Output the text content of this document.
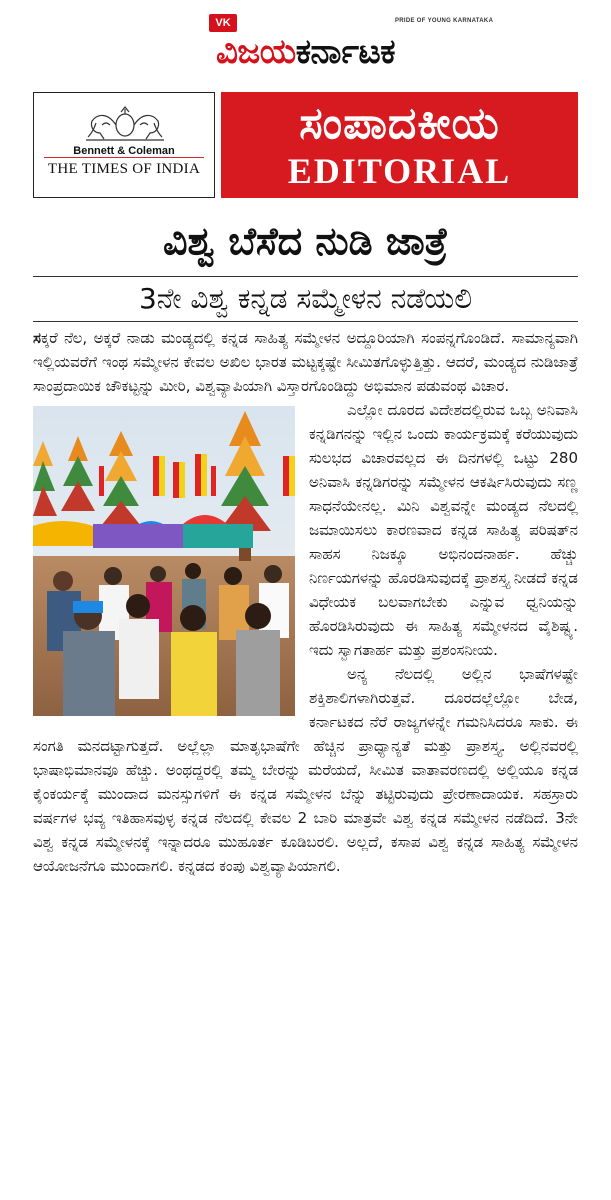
VK	PRIDE OF YOUNG KARNATAKA
ವಿಜಯಕರ್ನಾಟಕ
Bennett & Coleman
THE TIMES OF INDIA
ಸಂಪಾದಕೀಯ
EDITORIAL
ವಿಶ್ವ ಬೆಸೆದ ನುಡಿ ಜಾತ್ರೆ
3ನೇ ವಿಶ್ವ ಕನ್ನಡ ಸಮ್ಮೇಳನ ನಡೆಯಲಿ

ಸಕ್ಕರೆ ನೆಲ, ಅಕ್ಕರೆ ನಾಡು ಮಂಡ್ಯದಲ್ಲಿ ಕನ್ನಡ ಸಾಹಿತ್ಯ ಸಮ್ಮೇಳನ ಅದ್ದೂರಿಯಾಗಿ ಸಂಪನ್ನಗೊಂಡಿದೆ. ಸಾಮಾನ್ಯವಾಗಿ ಇಲ್ಲಿಯವರೆಗೆ ಇಂಥ ಸಮ್ಮೇಳನ ಕೇವಲ ಅಖಿಲ ಭಾರತ ಮಟ್ಟಕ್ಕಷ್ಟೇ ಸೀಮಿತಗೊಳ್ಳುತ್ತಿತ್ತು. ಆದರೆ, ಮಂಡ್ಯದ ನುಡಿಜಾತ್ರೆ ಸಾಂಪ್ರದಾಯಿಕ ಚೌಕಟ್ಟನ್ನು ಮೀರಿ, ವಿಶ್ವವ್ಯಾಪಿಯಾಗಿ ವಿಸ್ತಾರಗೊಂಡಿದ್ದು ಅಭಿಮಾನ ಪಡುವಂಥ ವಿಚಾರ.

ಎಲ್ಲೋ ದೂರದ ವಿದೇಶದಲ್ಲಿರುವ ಒಬ್ಬ ಅನಿವಾಸಿ ಕನ್ನಡಿಗನನ್ನು ಇಲ್ಲಿನ ಒಂದು ಕಾರ್ಯಕ್ರಮಕ್ಕೆ ಕರೆಯುವುದು ಸುಲಭದ ವಿಚಾರವಲ್ಲದ ಈ ದಿನಗಳಲ್ಲಿ ಒಟ್ಟು 280 ಅನಿವಾಸಿ ಕನ್ನಡಿಗರನ್ನು ಸಮ್ಮೇಳನ ಆಕರ್ಷಿಸಿರುವುದು ಸಣ್ಣ ಸಾಧನೆಯೇನಲ್ಲ. ಮಿನಿ ವಿಶ್ವವನ್ನೇ ಮಂಡ್ಯದ ನೆಲದಲ್ಲಿ ಜಮಾಯಿಸಲು ಕಾರಣವಾದ ಕನ್ನಡ ಸಾಹಿತ್ಯ ಪರಿಷತ್‌ನ ಸಾಹಸ ನಿಜಕ್ಕೂ ಅಭಿನಂದನಾರ್ಹ. ಹೆಚ್ಚು ನಿರ್ಣಯಗಳನ್ನು ಹೊರಡಿಸುವುದಕ್ಕೆ ಪ್ರಾಶಸ್ತ್ಯ ನೀಡದೆ ಕನ್ನಡ ವಿಧೇಯಕ ಬಲವಾಗಬೇಕು ಎನ್ನುವ ಧ್ವನಿಯನ್ನು ಹೊರಡಿಸಿರುವುದು ಈ ಸಾಹಿತ್ಯ ಸಮ್ಮೇಳನದ ವೈಶಿಷ್ಟ್ಯ. ಇದು ಸ್ವಾಗತಾರ್ಹ ಮತ್ತು ಪ್ರಶಂಸನೀಯ.

ಅನ್ಯ ನೆಲದಲ್ಲಿ ಅಲ್ಲಿನ ಭಾಷೆಗಳಷ್ಟೇ ಶಕ್ತಿಶಾಲಿಗಳಾಗಿರುತ್ತವೆ. ದೂರದಲ್ಲೆಲ್ಲೋ ಬೇಡ, ಕರ್ನಾಟಕದ ನೆರೆ ರಾಜ್ಯಗಳನ್ನೇ ಗಮನಿಸಿದರೂ ಸಾಕು. ಈ ಸಂಗತಿ ಮನದಟ್ಟಾಗುತ್ತದೆ. ಅಲ್ಲೆಲ್ಲಾ ಮಾತೃಭಾಷೆಗೇ ಹೆಚ್ಚಿನ ಪ್ರಾಧ್ಯಾನ್ಯತೆ ಮತ್ತು ಪ್ರಾಶಸ್ತ್ಯ. ಅಲ್ಲಿನವರಲ್ಲಿ ಭಾಷಾಭಿಮಾನವೂ ಹೆಚ್ಚು. ಅಂಥದ್ದರಲ್ಲಿ ತಮ್ಮ ಬೇರನ್ನು ಮರೆಯದೆ, ಸೀಮಿತ ವಾತಾವರಣದಲ್ಲಿ ಅಲ್ಲಿಯೂ ಕನ್ನಡ ಕೈಂಕರ್ಯಕ್ಕೆ ಮುಂದಾದ ಮನಸ್ಸುಗಳಿಗೆ ಈ ಕನ್ನಡ ಸಮ್ಮೇಳನ ಬೆನ್ನು ತಟ್ಟಿರುವುದು ಪ್ರೇರಣಾದಾಯಕ. ಸಹಸ್ರಾರು ವರ್ಷಗಳ ಭವ್ಯ ಇತಿಹಾಸವುಳ್ಳ ಕನ್ನಡ ನೆಲದಲ್ಲಿ ಕೇವಲ 2 ಬಾರಿ ಮಾತ್ರವೇ ವಿಶ್ವ ಕನ್ನಡ ಸಮ್ಮೇಳನ ನಡೆದಿದೆ. 3ನೇ ವಿಶ್ವ ಕನ್ನಡ ಸಮ್ಮೇಳನಕ್ಕೆ ಇನ್ನಾದರೂ ಮುಹೂರ್ತ ಕೂಡಿಬರಲಿ. ಅಲ್ಲದೆ, ಕಸಾಪ ವಿಶ್ವ ಕನ್ನಡ ಸಾಹಿತ್ಯ ಸಮ್ಮೇಳನ ಆಯೋಜನೆಗೂ ಮುಂದಾಗಲಿ. ಕನ್ನಡದ ಕಂಪು ವಿಶ್ವವ್ಯಾಪಿಯಾಗಲಿ.
